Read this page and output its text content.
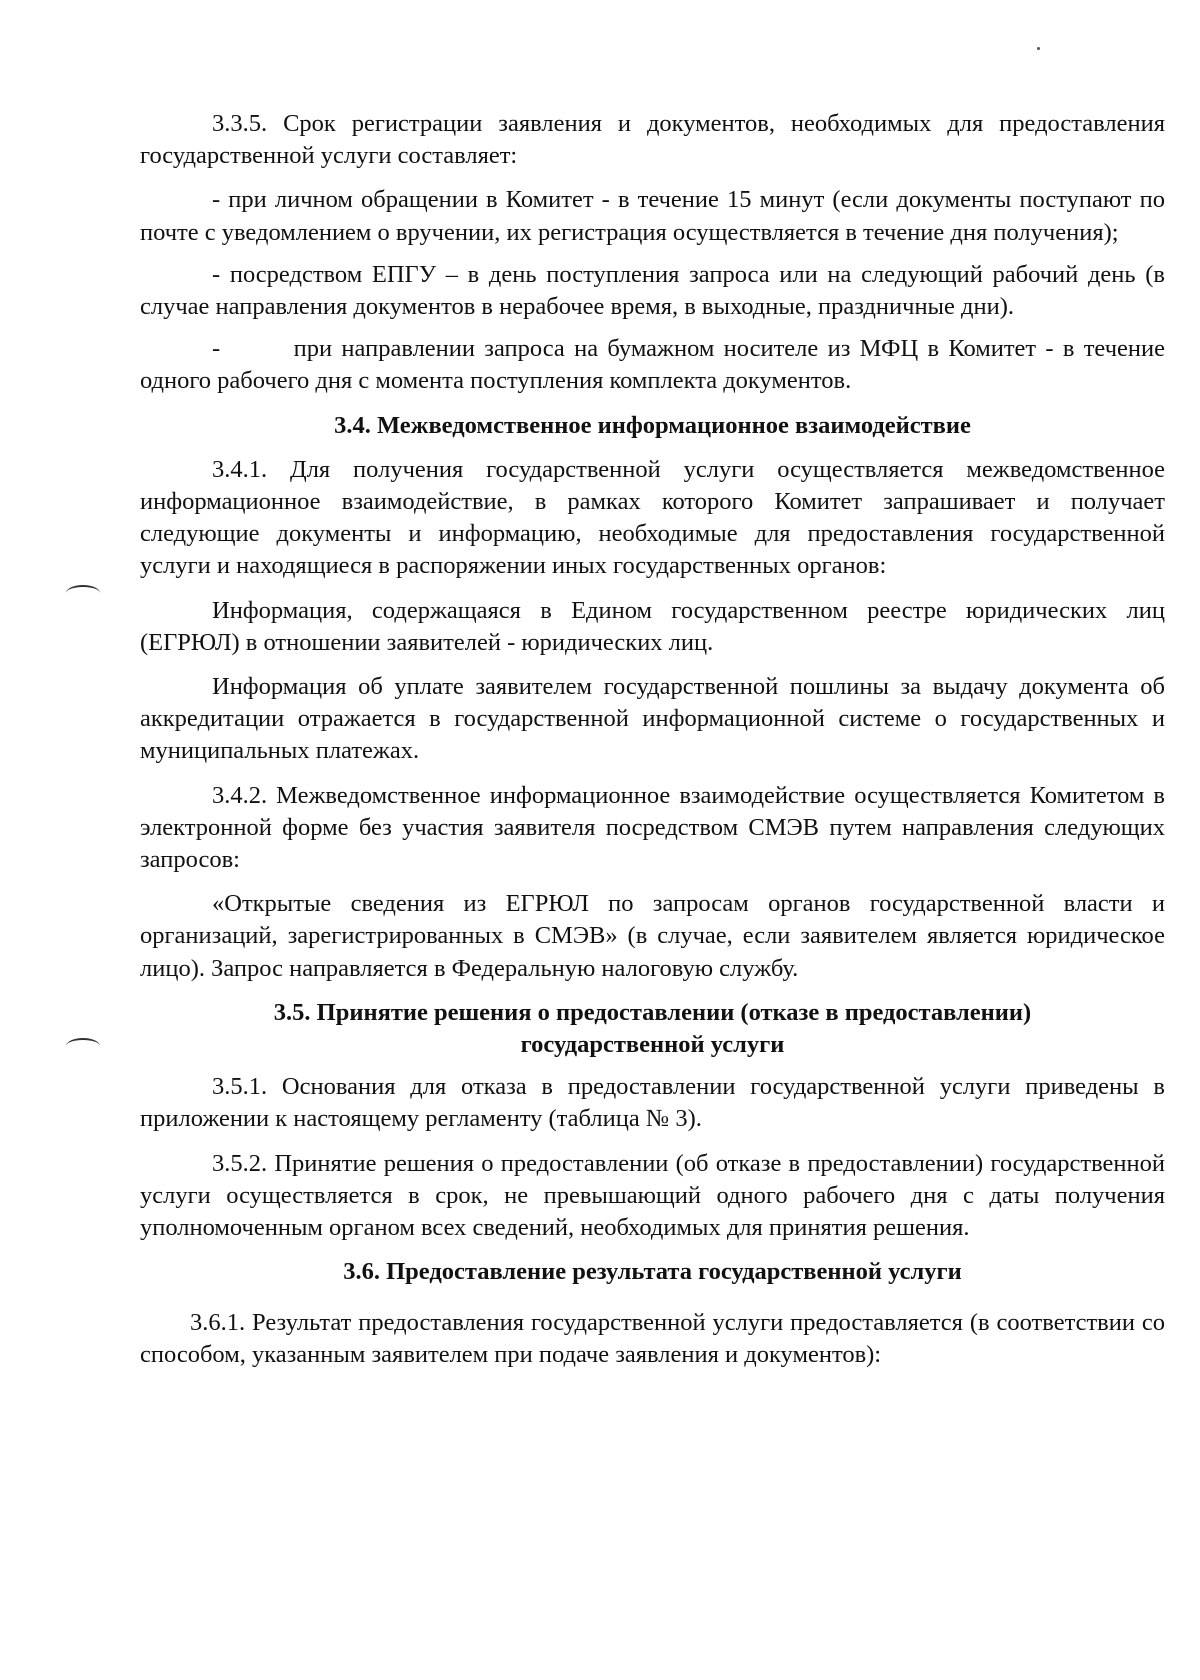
3.3.5. Срок регистрации заявления и документов, необходимых для предоставления государственной услуги составляет:

- при личном обращении в Комитет - в течение 15 минут (если документы поступают по почте с уведомлением о вручении, их регистрация осуществляется в течение дня получения);

- посредством ЕПГУ – в день поступления запроса или на следующий рабочий день (в случае направления документов в нерабочее время, в выходные, праздничные дни).

-   при направлении запроса на бумажном носителе из МФЦ в Комитет - в течение одного рабочего дня с момента поступления комплекта документов.

3.4. Межведомственное информационное взаимодействие

3.4.1. Для получения государственной услуги осуществляется межведомственное информационное взаимодействие, в рамках которого Комитет запрашивает и получает следующие документы и информацию, необходимые для предоставления государственной услуги и находящиеся в распоряжении иных государственных органов:

Информация, содержащаяся в Едином государственном реестре юридических лиц (ЕГРЮЛ) в отношении заявителей - юридических лиц.

Информация об уплате заявителем государственной пошлины за выдачу документа об аккредитации отражается в государственной информационной системе о государственных и муниципальных платежах.

3.4.2. Межведомственное информационное взаимодействие осуществляется Комитетом в электронной форме без участия заявителя посредством СМЭВ путем направления следующих запросов:

«Открытые сведения из ЕГРЮЛ по запросам органов государственной власти и организаций, зарегистрированных в СМЭВ» (в случае, если заявителем является юридическое лицо). Запрос направляется в Федеральную налоговую службу.

3.5. Принятие решения о предоставлении (отказе в предоставлении)
государственной услуги

3.5.1. Основания для отказа в предоставлении государственной услуги приведены в приложении к настоящему регламенту (таблица № 3).

3.5.2. Принятие решения о предоставлении (об отказе в предоставлении) государственной услуги осуществляется в срок, не превышающий одного рабочего дня с даты получения уполномоченным органом всех сведений, необходимых для принятия решения.

3.6. Предоставление результата государственной услуги

3.6.1. Результат предоставления государственной услуги предоставляется (в соответствии со способом, указанным заявителем при подаче заявления и документов):
